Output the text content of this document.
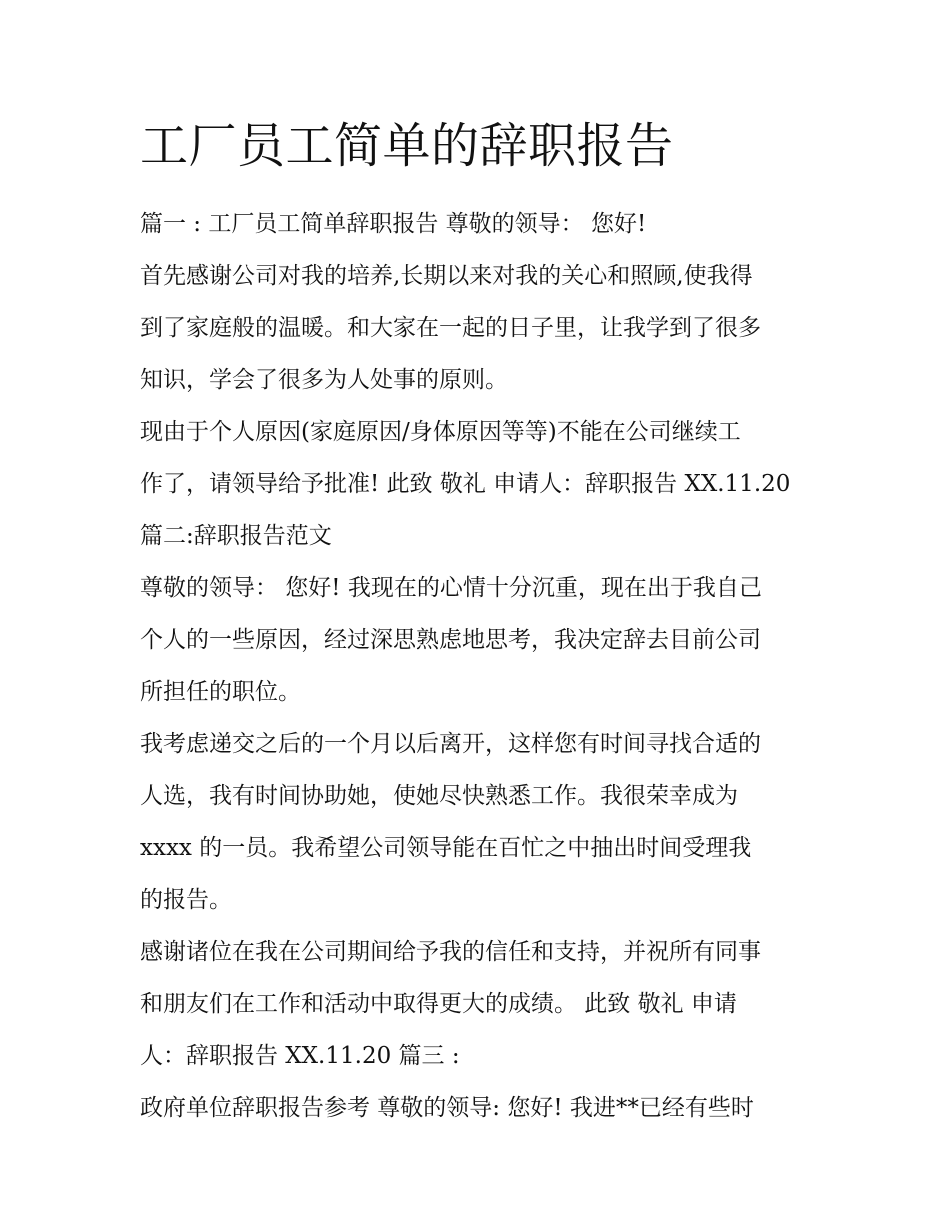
工厂员工简单的辞职报告
篇一 : 工厂员工简单辞职报告 尊敬的领导： 您好!
首先感谢公司对我的培养,长期以来对我的关心和照顾,使我得
到了家庭般的温暖。和大家在一起的日子里，让我学到了很多
知识，学会了很多为人处事的原则。
现由于个人原因(家庭原因/身体原因等等)不能在公司继续工
作了，请领导给予批准! 此致 敬礼 申请人：辞职报告 XX.11.20
篇二:辞职报告范文
尊敬的领导： 您好! 我现在的心情十分沉重，现在出于我自己
个人的一些原因，经过深思熟虑地思考，我决定辞去目前公司
所担任的职位。
我考虑递交之后的一个月以后离开，这样您有时间寻找合适的
人选，我有时间协助她，使她尽快熟悉工作。我很荣幸成为
xxxx 的一员。我希望公司领导能在百忙之中抽出时间受理我
的报告。
感谢诸位在我在公司期间给予我的信任和支持，并祝所有同事
和朋友们在工作和活动中取得更大的成绩。 此致 敬礼 申请
人：辞职报告 XX.11.20 篇三 :
政府单位辞职报告参考 尊敬的领导: 您好! 我进**已经有些时
